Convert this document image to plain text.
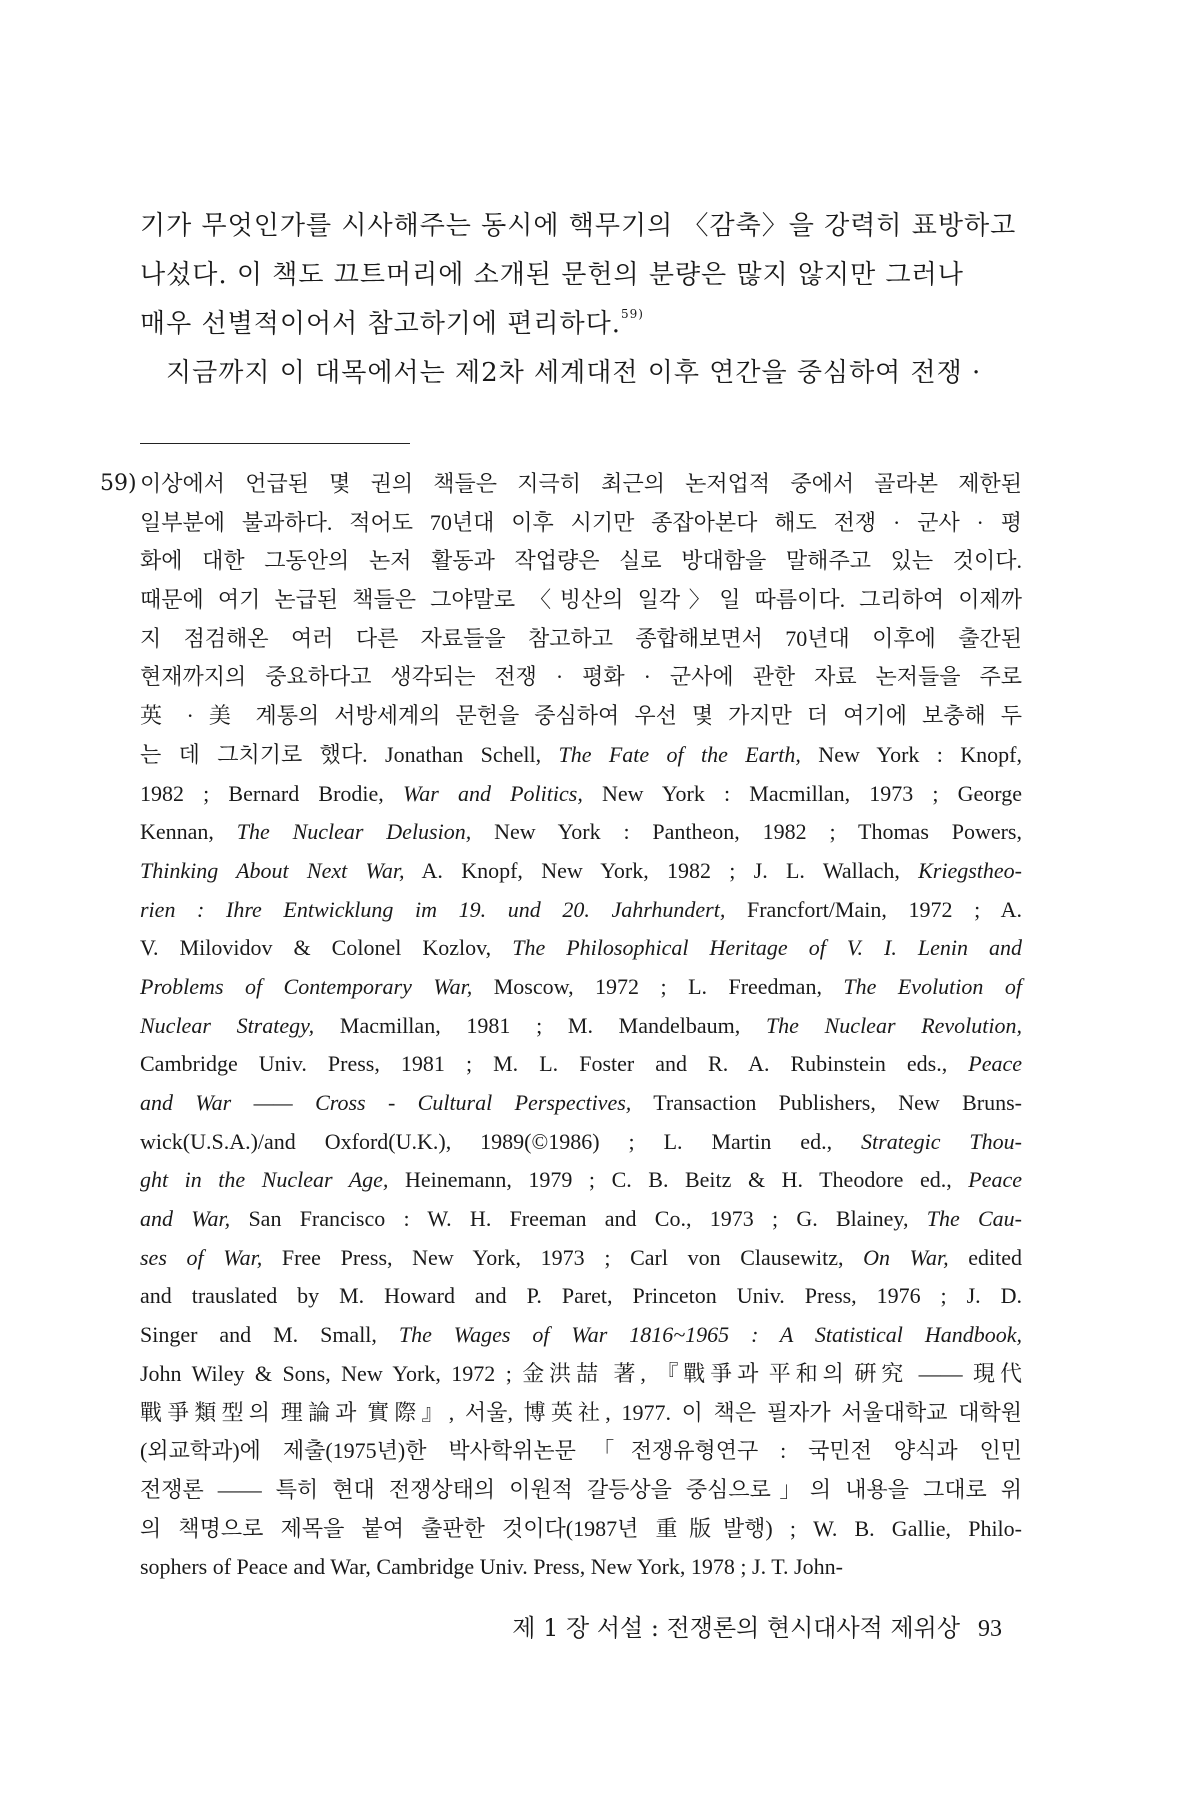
기가 무엇인가를 시사해주는 동시에 핵무기의 〈감축〉을 강력히 표방하고
나섰다. 이 책도 끄트머리에 소개된 문헌의 분량은 많지 않지만 그러나
매우 선별적이어서 참고하기에 편리하다.$^{59)}$
지금까지 이 대목에서는 제2차 세계대전 이후 연간을 중심하여 전쟁 ·
59) 이상에서 언급된 몇 권의 책들은 지극히 최근의 논저업적 중에서 골라본 제한된
일부분에 불과하다. 적어도 70년대 이후 시기만 종잡아본다 해도 전쟁 · 군사 · 평
화에 대한 그동안의 논저 활동과 작업량은 실로 방대함을 말해주고 있는 것이다.
때문에 여기 논급된 책들은 그야말로 〈빙산의 일각〉일 따름이다. 그리하여 이제까
지 점검해온 여러 다른 자료들을 참고하고 종합해보면서 70년대 이후에 출간된
현재까지의 중요하다고 생각되는 전쟁 · 평화 · 군사에 관한 자료 논저들을 주로
英 · 美 계통의 서방세계의 문헌을 중심하여 우선 몇 가지만 더 여기에 보충해 두
는 데 그치기로 했다. Jonathan Schell, The Fate of the Earth, New York : Knopf,
1982 ; Bernard Brodie, War and Politics, New York : Macmillan, 1973 ; George
Kennan, The Nuclear Delusion, New York : Pantheon, 1982 ; Thomas Powers,
Thinking About Next War, A. Knopf, New York, 1982 ; J. L. Wallach, Kriegstheo-
rien : Ihre Entwicklung im 19. und 20. Jahrhundert, Francfort/Main, 1972 ; A.
V. Milovidov & Colonel Kozlov, The Philosophical Heritage of V. I. Lenin and
Problems of Contemporary War, Moscow, 1972 ; L. Freedman, The Evolution of
Nuclear Strategy, Macmillan, 1981 ; M. Mandelbaum, The Nuclear Revolution,
Cambridge Univ. Press, 1981 ; M. L. Foster and R. A. Rubinstein eds., Peace
and War —— Cross - Cultural Perspectives, Transaction Publishers, New Bruns-
wick(U.S.A.)/and Oxford(U.K.), 1989(©1986) ; L. Martin ed., Strategic Thou-
ght in the Nuclear Age, Heinemann, 1979 ; C. B. Beitz & H. Theodore ed., Peace
and War, San Francisco : W. H. Freeman and Co., 1973 ; G. Blainey, The Cau-
ses of War, Free Press, New York, 1973 ; Carl von Clausewitz, On War, edited
and trauslated by M. Howard and P. Paret, Princeton Univ. Press, 1976 ; J. D.
Singer and M. Small, The Wages of War 1816~1965 : A Statistical Handbook,
John Wiley & Sons, New York, 1972 ; 金洪喆 著, 『戰爭과 平和의 硏究 —— 現代
戰爭類型의 理論과 實際』, 서울, 博英社, 1977. 이 책은 필자가 서울대학교 대학원
(외교학과)에 제출(1975년)한 박사학위논문「전쟁유형연구 : 국민전 양식과 인민
전쟁론 —— 특히 현대 전쟁상태의 이원적 갈등상을 중심으로」의 내용을 그대로 위
의 책명으로 제목을 붙여 출판한 것이다(1987년 重版발행) ; W. B. Gallie, Philo-
sophers of Peace and War, Cambridge Univ. Press, New York, 1978 ; J. T. John-
제 1 장 서설 : 전쟁론의 현시대사적 제위상 93
